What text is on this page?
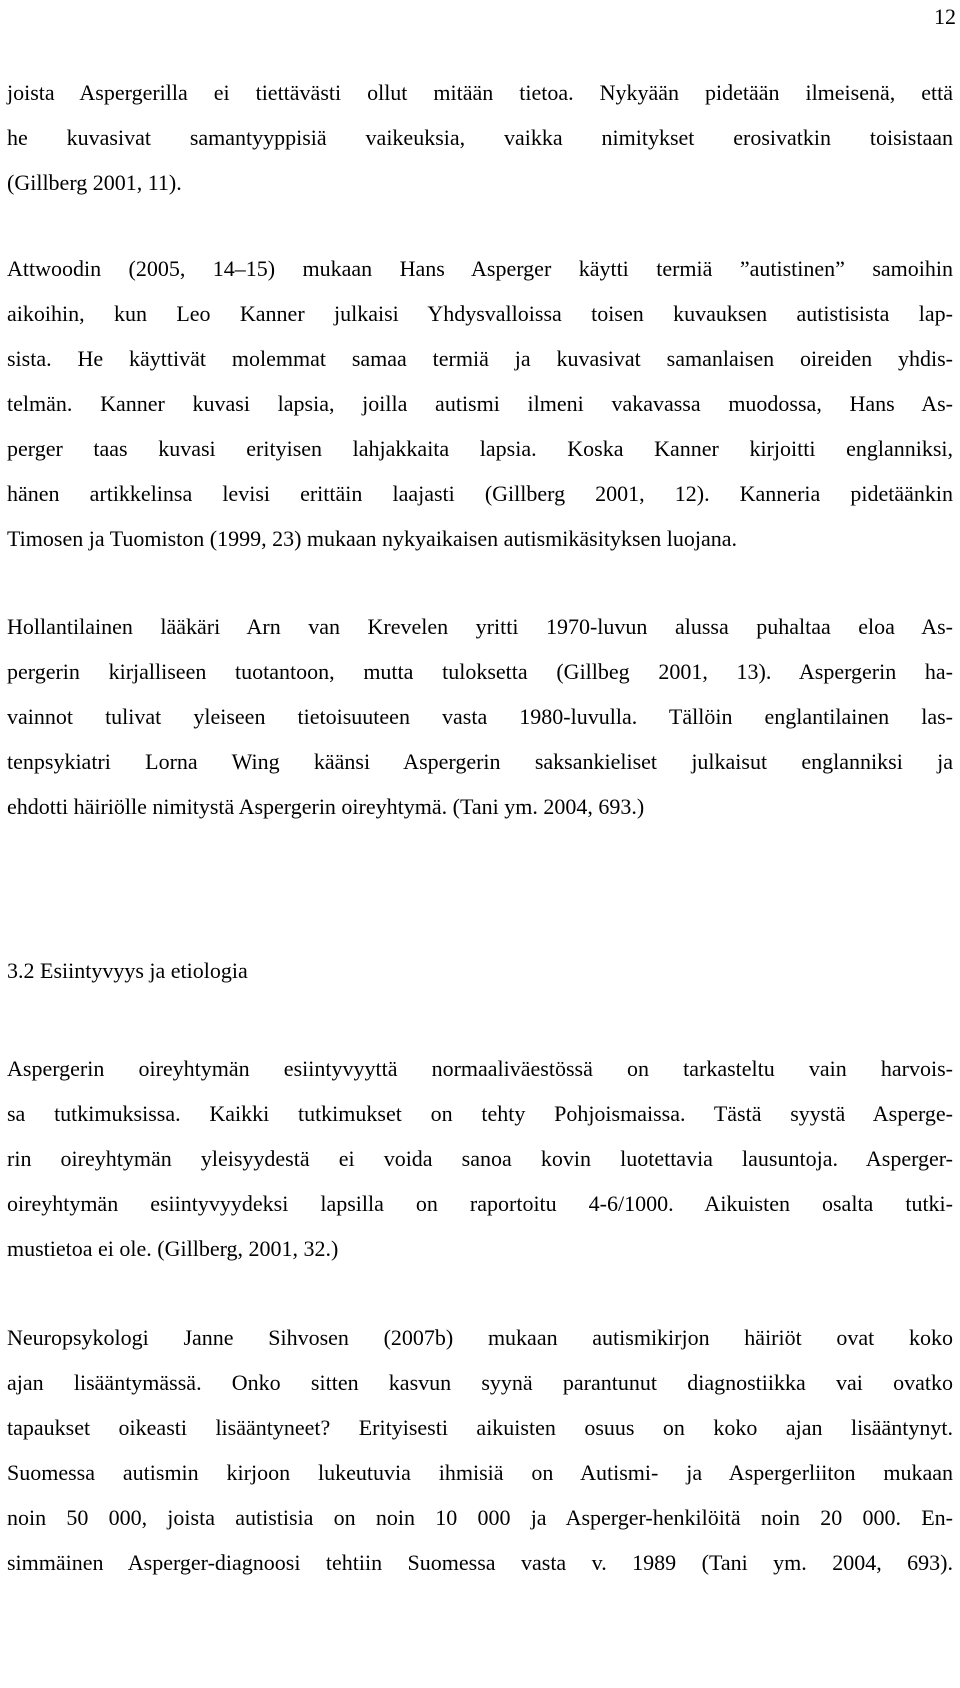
12
joista Aspergerilla ei tiettävästi ollut mitään tietoa. Nykyään pidetään ilmeisenä, että
he kuvasivat samantyyppisiä vaikeuksia, vaikka nimitykset erosivatkin toisistaan
(Gillberg 2001, 11).
Attwoodin (2005, 14–15) mukaan Hans Asperger käytti termiä ”autistinen” samoihin
aikoihin, kun Leo Kanner julkaisi Yhdysvalloissa toisen kuvauksen autistisista lap-
sista. He käyttivät molemmat samaa termiä ja kuvasivat samanlaisen oireiden yhdis-
telmän. Kanner kuvasi lapsia, joilla autismi ilmeni vakavassa muodossa, Hans As-
perger taas kuvasi erityisen lahjakkaita lapsia. Koska Kanner kirjoitti englanniksi,
hänen artikkelinsa levisi erittäin laajasti (Gillberg 2001, 12). Kanneria pidetäänkin
Timosen ja Tuomiston (1999, 23) mukaan nykyaikaisen autismikäsityksen luojana.
Hollantilainen lääkäri Arn van Krevelen yritti 1970-luvun alussa puhaltaa eloa As-
pergerin kirjalliseen tuotantoon, mutta tuloksetta (Gillbeg 2001, 13). Aspergerin ha-
vainnot tulivat yleiseen tietoisuuteen vasta 1980-luvulla. Tällöin englantilainen las-
tenpsykiatri Lorna Wing käänsi Aspergerin saksankieliset julkaisut englanniksi ja
ehdotti häiriölle nimitystä Aspergerin oireyhtymä. (Tani ym. 2004, 693.)
3.2 Esiintyvyys ja etiologia
Aspergerin oireyhtymän esiintyvyyttä normaaliväestössä on tarkasteltu vain harvois-
sa tutkimuksissa. Kaikki tutkimukset on tehty Pohjoismaissa. Tästä syystä Asperge-
rin oireyhtymän yleisyydestä ei voida sanoa kovin luotettavia lausuntoja. Asperger-
oireyhtymän esiintyvyydeksi lapsilla on raportoitu 4-6/1000. Aikuisten osalta tutki-
mustietoa ei ole. (Gillberg, 2001, 32.)
Neuropsykologi Janne Sihvosen (2007b) mukaan autismikirjon häiriöt ovat koko
ajan lisääntymässä. Onko sitten kasvun syynä parantunut diagnostiikka vai ovatko
tapaukset oikeasti lisääntyneet? Erityisesti aikuisten osuus on koko ajan lisääntynyt.
Suomessa autismin kirjoon lukeutuvia ihmisiä on Autismi- ja Aspergerliiton mukaan
noin 50 000, joista autistisia on noin 10 000 ja Asperger-henkilöitä noin 20 000. En-
simmäinen Asperger-diagnoosi tehtiin Suomessa vasta v. 1989 (Tani ym. 2004, 693).
